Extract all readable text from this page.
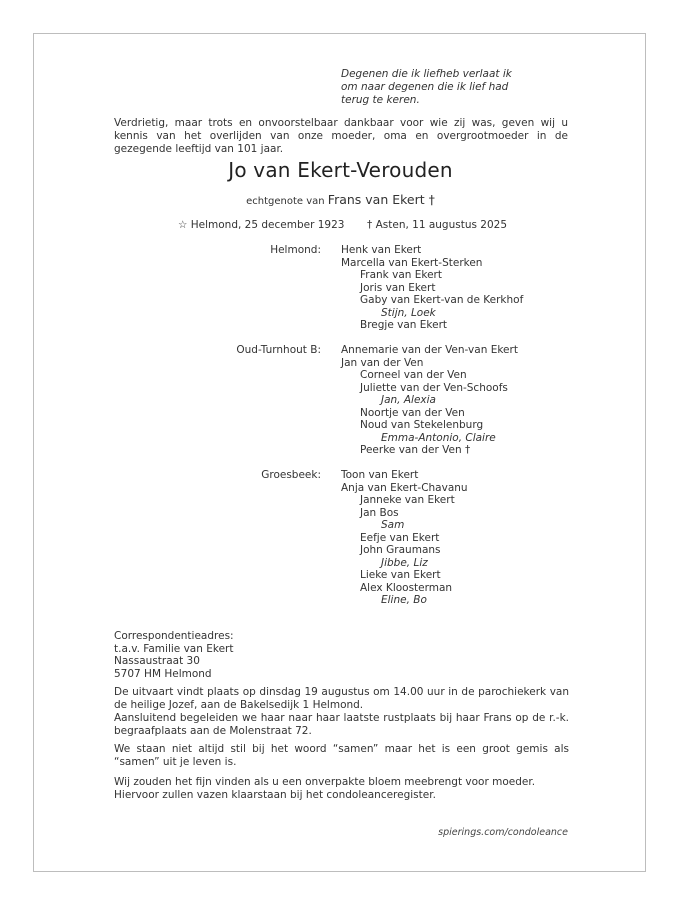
Degenen die ik liefheb verlaat ik
om naar degenen die ik lief had
terug te keren.
Verdrietig, maar trots en onvoorstelbaar dankbaar voor wie zij was, geven wij u kennis van het overlijden van onze moeder, oma en overgrootmoeder in de gezegende leeftijd van 101 jaar.
Jo van Ekert-Verouden
echtgenote van Frans van Ekert †
☆ Helmond, 25 december 1923 † Asten, 11 augustus 2025
Helmond: Henk van Ekert
Marcella van Ekert-Sterken
Frank van Ekert
Joris van Ekert
Gaby van Ekert-van de Kerkhof
Stijn, Loek
Bregje van Ekert
Oud-Turnhout B: Annemarie van der Ven-van Ekert
Jan van der Ven
Corneel van der Ven
Juliette van der Ven-Schoofs
Jan, Alexia
Noortje van der Ven
Noud van Stekelenburg
Emma-Antonio, Claire
Peerke van der Ven †
Groesbeek: Toon van Ekert
Anja van Ekert-Chavanu
Janneke van Ekert
Jan Bos
Sam
Eefje van Ekert
John Graumans
Jibbe, Liz
Lieke van Ekert
Alex Kloosterman
Eline, Bo
Correspondentieadres:
t.a.v. Familie van Ekert
Nassaustraat 30
5707 HM Helmond
De uitvaart vindt plaats op dinsdag 19 augustus om 14.00 uur in de parochiekerk van de heilige Jozef, aan de Bakelsedijk 1 Helmond.
Aansluitend begeleiden we haar naar haar laatste rustplaats bij haar Frans op de r.-k. begraafplaats aan de Molenstraat 72.
We staan niet altijd stil bij het woord “samen” maar het is een groot gemis als “samen” uit je leven is.
Wij zouden het fijn vinden als u een onverpakte bloem meebrengt voor moeder.
Hiervoor zullen vazen klaarstaan bij het condoleanceregister.
spierings.com/condoleance
